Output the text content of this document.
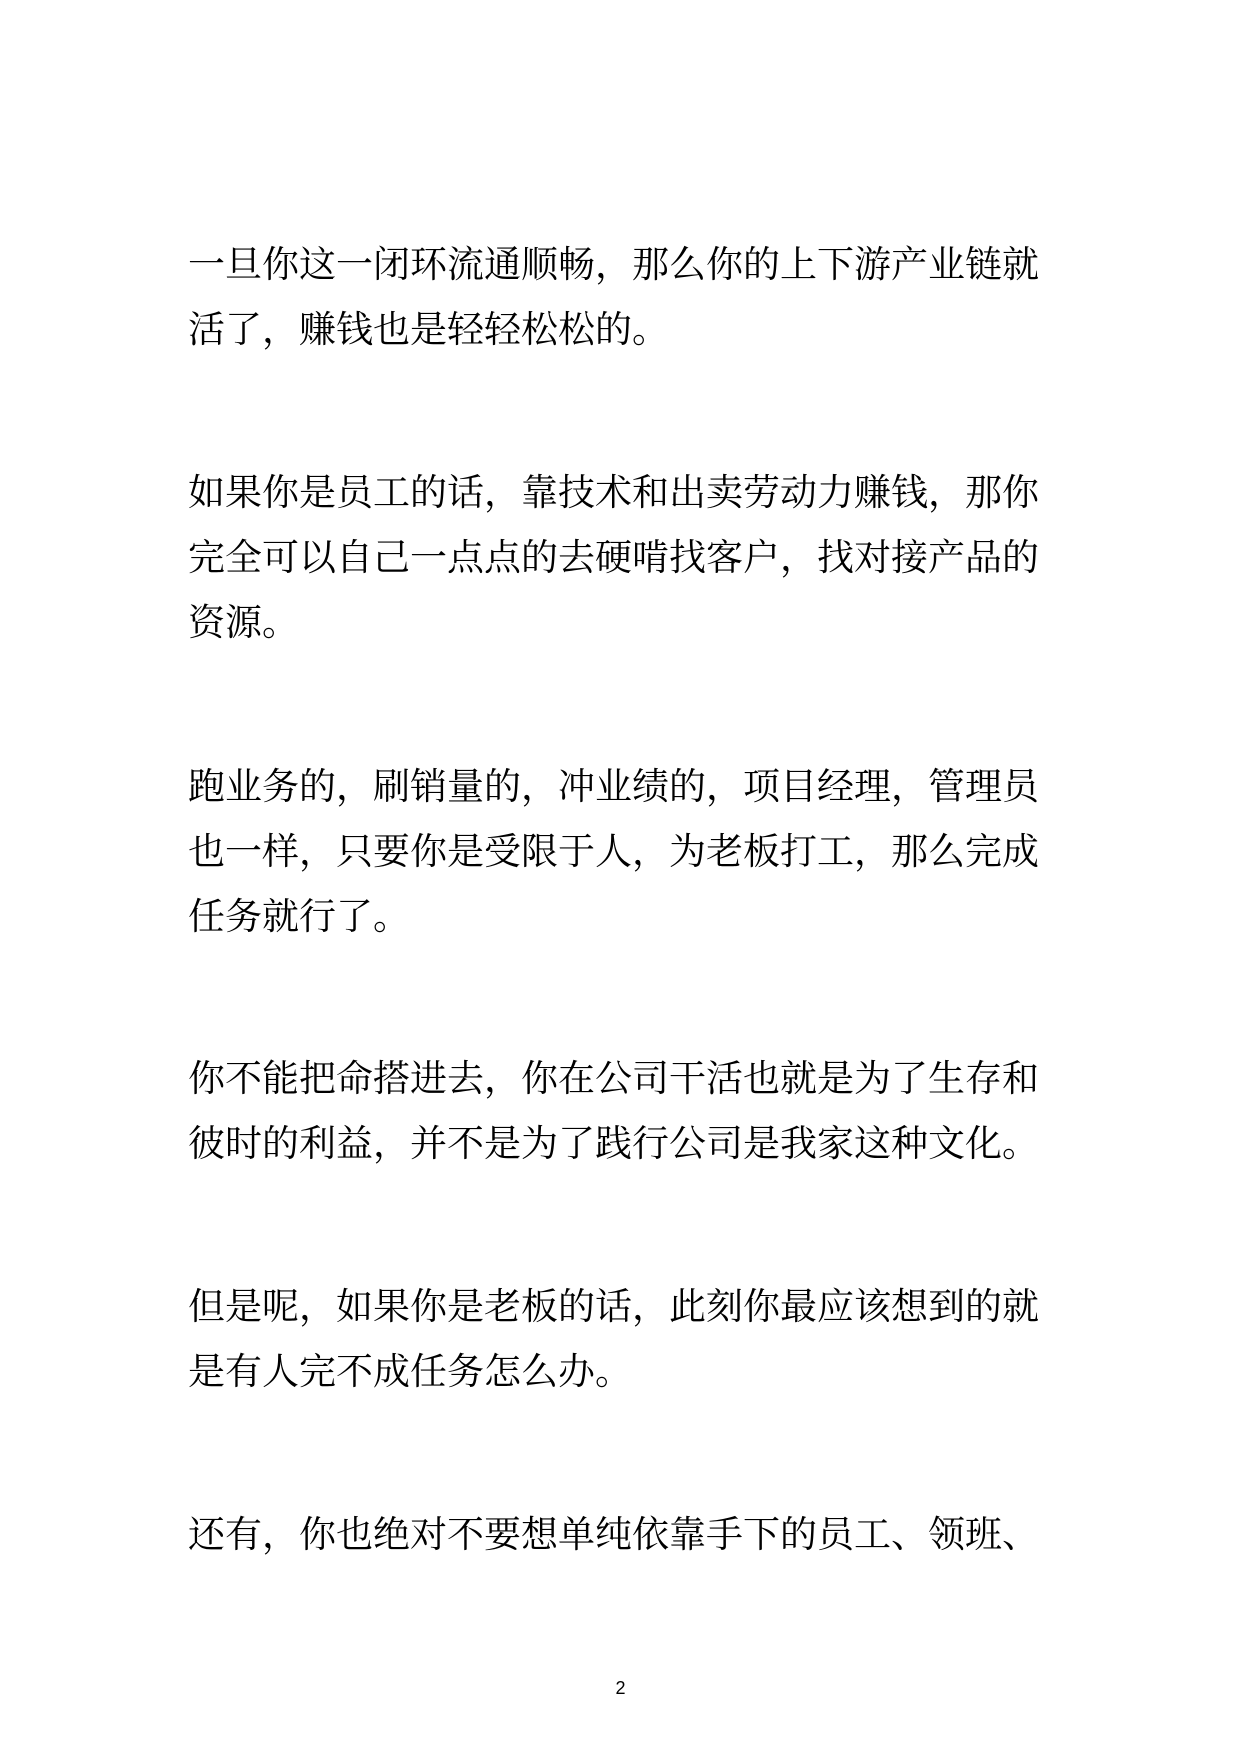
一旦你这一闭环流通顺畅，那么你的上下游产业链就
活了，赚钱也是轻轻松松的。

如果你是员工的话，靠技术和出卖劳动力赚钱，那你
完全可以自己一点点的去硬啃找客户，找对接产品的
资源。

跑业务的，刷销量的，冲业绩的，项目经理，管理员
也一样，只要你是受限于人，为老板打工，那么完成
任务就行了。

你不能把命搭进去，你在公司干活也就是为了生存和
彼时的利益，并不是为了践行公司是我家这种文化。

但是呢，如果你是老板的话，此刻你最应该想到的就
是有人完不成任务怎么办。

还有，你也绝对不要想单纯依靠手下的员工、领班、

2
